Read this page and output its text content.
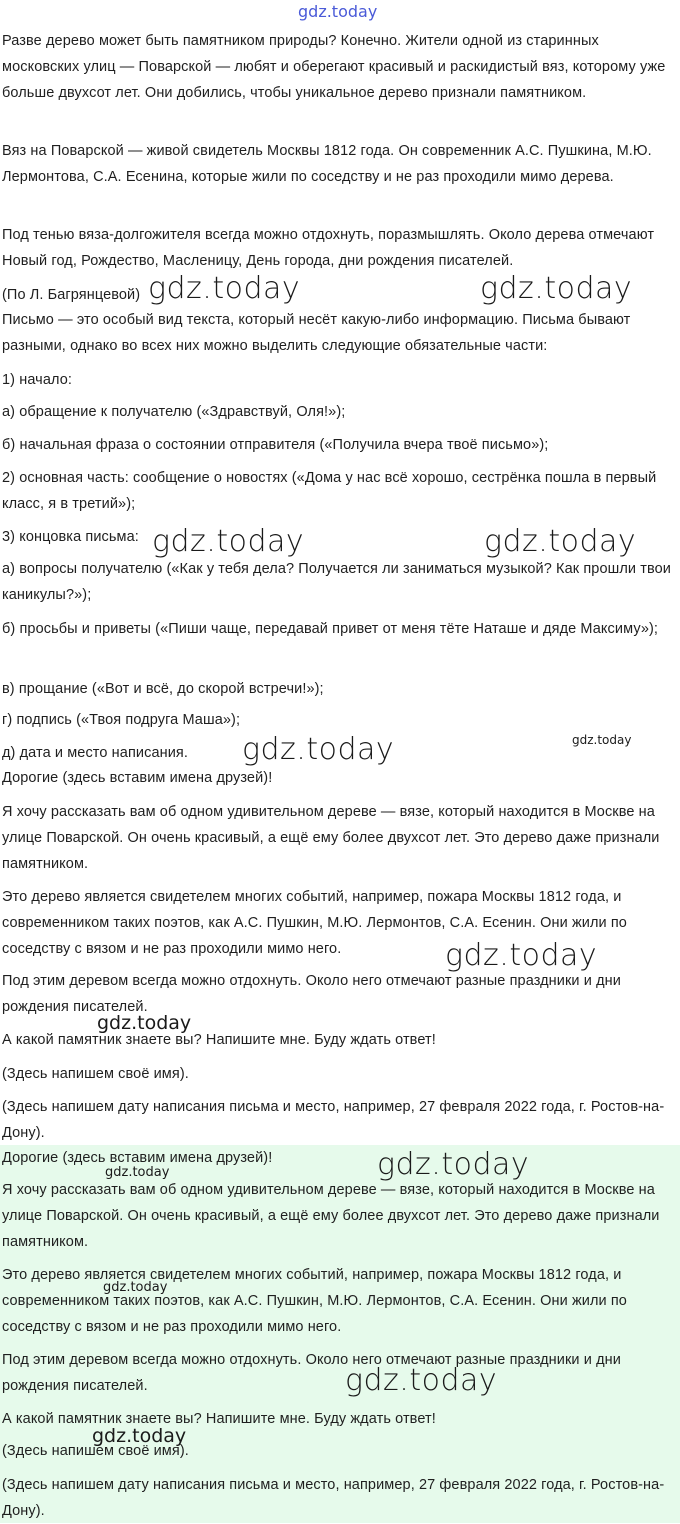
gdz.today

Разве дерево может быть памятником природы? Конечно. Жители одной из старинных московских улиц — Поварской — любят и оберегают красивый и раскидистый вяз, которому уже больше двухсот лет. Они добились, чтобы уникальное дерево признали памятником.

Вяз на Поварской — живой свидетель Москвы 1812 года. Он современник А.С. Пушкина, М.Ю. Лермонтова, С.А. Есенина, которые жили по соседству и не раз проходили мимо дерева.

Под тенью вяза-долгожителя всегда можно отдохнуть, поразмышлять. Около дерева отмечают Новый год, Рождество, Масленицу, День города, дни рождения писателей.

(По Л. Багрянцевой)

Письмо — это особый вид текста, который несёт какую-либо информацию. Письма бывают разными, однако во всех них можно выделить следующие обязательные части:

1) начало:

а) обращение к получателю («Здравствуй, Оля!»);

б) начальная фраза о состоянии отправителя («Получила вчера твоё письмо»);

2) основная часть: сообщение о новостях («Дома у нас всё хорошо, сестрёнка пошла в первый класс, я в третий»);

3) концовка письма:

а) вопросы получателю («Как у тебя дела? Получается ли заниматься музыкой? Как прошли твои каникулы?»);

б) просьбы и приветы («Пиши чаще, передавай привет от меня тёте Наташе и дяде Максиму»);

в) прощание («Вот и всё, до скорой встречи!»);

г) подпись («Твоя подруга Маша»);

д) дата и место написания.

Дорогие (здесь вставим имена друзей)!

Я хочу рассказать вам об одном удивительном дереве — вязе, который находится в Москве на улице Поварской. Он очень красивый, а ещё ему более двухсот лет. Это дерево даже признали памятником.

Это дерево является свидетелем многих событий, например, пожара Москвы 1812 года, и современником таких поэтов, как А.С. Пушкин, М.Ю. Лермонтов, С.А. Есенин. Они жили по соседству с вязом и не раз проходили мимо него.

Под этим деревом всегда можно отдохнуть. Около него отмечают разные праздники и дни рождения писателей.

А какой памятник знаете вы? Напишите мне. Буду ждать ответ!

(Здесь напишем своё имя).

(Здесь напишем дату написания письма и место, например, 27 февраля 2022 года, г. Ростов-на-Дону).

Дорогие (здесь вставим имена друзей)!

Я хочу рассказать вам об одном удивительном дереве — вязе, который находится в Москве на улице Поварской. Он очень красивый, а ещё ему более двухсот лет. Это дерево даже признали памятником.

Это дерево является свидетелем многих событий, например, пожара Москвы 1812 года, и современником таких поэтов, как А.С. Пушкин, М.Ю. Лермонтов, С.А. Есенин. Они жили по соседству с вязом и не раз проходили мимо него.

Под этим деревом всегда можно отдохнуть. Около него отмечают разные праздники и дни рождения писателей.

А какой памятник знаете вы? Напишите мне. Буду ждать ответ!

(Здесь напишем своё имя).

(Здесь напишем дату написания письма и место, например, 27 февраля 2022 года, г. Ростов-на-Дону).

gdz.today	gdz.today
gdz.today	gdz.today
gdz.today	gdz.today
gdz.today
gdz.today
gdz.today
gdz.today
gdz.today
gdz.today
gdz.today
